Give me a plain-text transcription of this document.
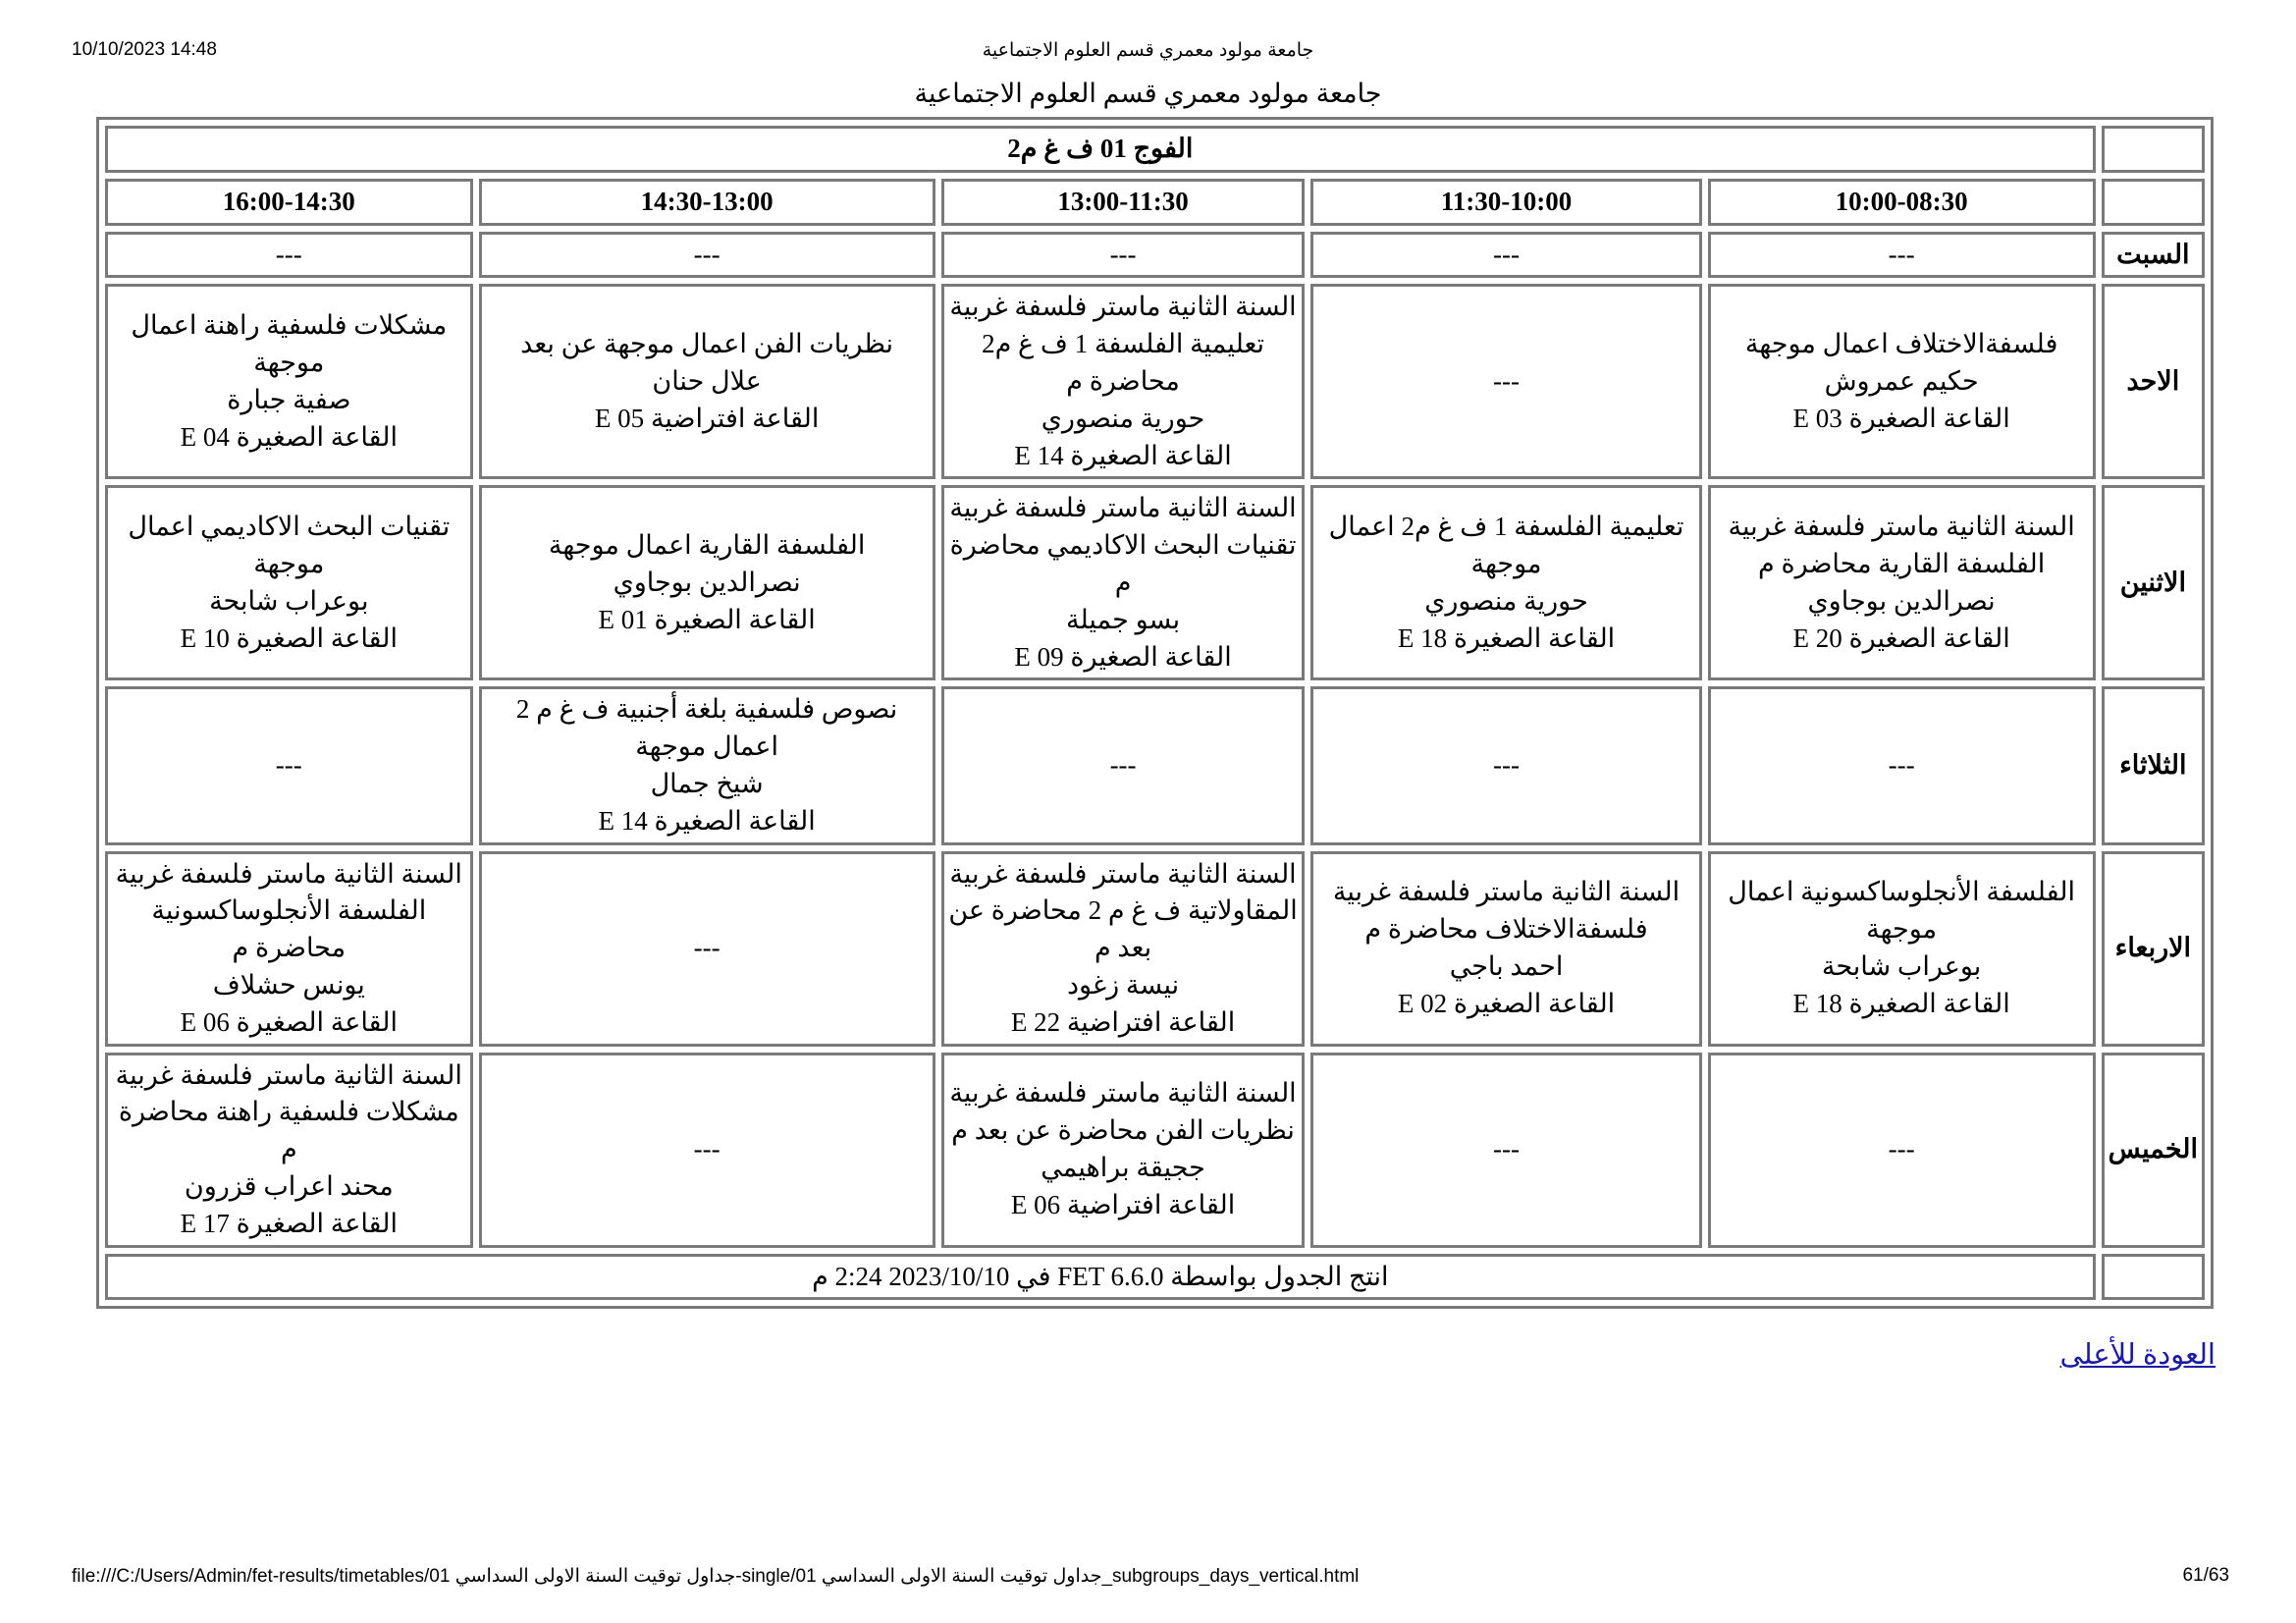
10/10/2023 14:48	جامعة مولود معمري قسم العلوم الاجتماعية
جامعة مولود معمري قسم العلوم الاجتماعية
	الفوج 01 ف غ م2				
	10:00-08:30	11:30-10:00	13:00-11:30	14:30-13:00	16:00-14:30
السبت	---	---	---	---	---

الاحد	فلسفةالاختلاف اعمال موجهة
حكيم عمروش
القاعة الصغيرة 03 E	---	السنة الثانية ماستر فلسفة غربية
تعليمية الفلسفة 1 ف غ م2 محاضرة م
حورية منصوري
القاعة الصغيرة 14 E	نظريات الفن اعمال موجهة عن بعد
علال حنان
القاعة افتراضية 05 E	مشكلات فلسفية راهنة اعمال موجهة
صفية جبارة
القاعة الصغيرة 04 E

الاثنين	السنة الثانية ماستر فلسفة غربية
الفلسفة القارية محاضرة م
نصرالدين بوجاوي
القاعة الصغيرة 20 E	تعليمية الفلسفة 1 ف غ م2 اعمال موجهة
حورية منصوري
القاعة الصغيرة 18 E	السنة الثانية ماستر فلسفة غربية
تقنيات البحث الاكاديمي محاضرة م
بسو جميلة
القاعة الصغيرة 09 E	الفلسفة القارية اعمال موجهة
نصرالدين بوجاوي
القاعة الصغيرة 01 E	تقنيات البحث الاكاديمي اعمال موجهة
بوعراب شابحة
القاعة الصغيرة 10 E

الثلاثاء	---	---	---	نصوص فلسفية بلغة أجنبية ف غ م 2 اعمال موجهة
شيخ جمال
القاعة الصغيرة 14 E	---

الاربعاء	الفلسفة الأنجلوساكسونية اعمال موجهة
بوعراب شابحة
القاعة الصغيرة 18 E	السنة الثانية ماستر فلسفة غربية
فلسفةالاختلاف محاضرة م
احمد باجي
القاعة الصغيرة 02 E	السنة الثانية ماستر فلسفة غربية
المقاولاتية ف غ م 2 محاضرة عن بعد م
نيسة زغود
القاعة افتراضية 22 E	---	السنة الثانية ماستر فلسفة غربية
الفلسفة الأنجلوساكسونية محاضرة م
يونس حشلاف
القاعة الصغيرة 06 E

الخميس	---	---	السنة الثانية ماستر فلسفة غربية
نظريات الفن محاضرة عن بعد م
ججيقة براهيمي
القاعة افتراضية 06 E	---	السنة الثانية ماستر فلسفة غربية
مشكلات فلسفية راهنة محاضرة م
محند اعراب قزرون
القاعة الصغيرة 17 E

	انتج الجدول بواسطة FET 6.6.0 في 2023/10/10 2:24 م				
العودة للأعلى
file:///C:/Users/Admin/fet-results/timetables/01 جداول توقيت السنة الاولى السداسي-single/01 جداول توقيت السنة الاولى السداسي_subgroups_days_vertical.html	61/63
